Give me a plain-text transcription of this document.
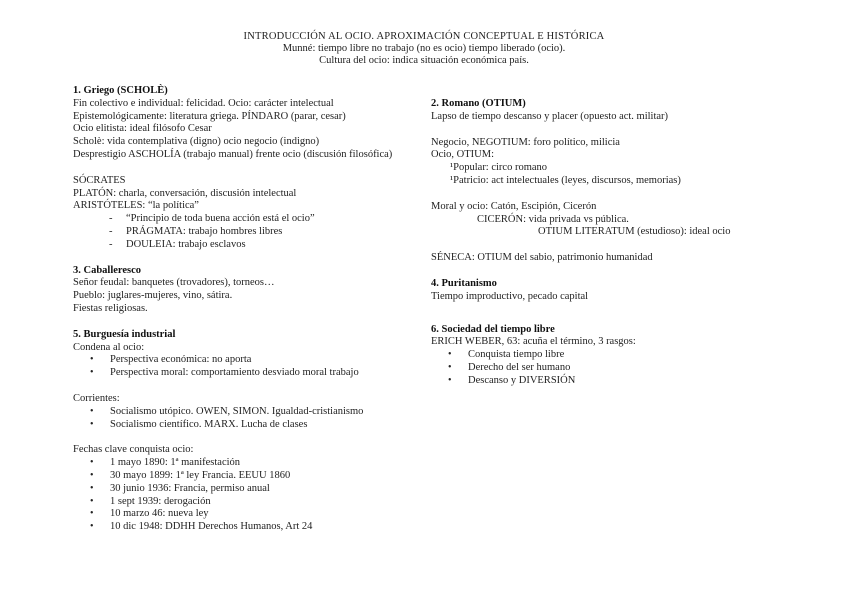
INTRODUCCIÓN AL OCIO. APROXIMACIÓN CONCEPTUAL E HISTÓRICA
Munné: tiempo libre no trabajo (no es ocio) tiempo liberado (ocio).
Cultura del ocio: indica situación económica país.
1. Griego (SCHOLÈ)
Fin colectivo e individual: felicidad. Ocio: carácter intelectual
Epistemológicamente: literatura griega. PÍNDARO (parar, cesar)
Ocio elitista: ideal filósofo Cesar
Scholè: vida contemplativa (digno) ocio negocio (indigno)
Desprestigio ASCHOLÍA (trabajo manual) frente ocio (discusión filosófica)
SÓCRATES
PLATÓN: charla, conversación, discusión intelectual
ARISTÓTELES: “la política”
- “Principio de toda buena acción está el ocio”
- PRÁGMATA: trabajo hombres libres
- DOULEIA: trabajo esclavos
3. Caballeresco
Señor feudal: banquetes (trovadores), torneos…
Pueblo: juglares-mujeres, vino, sátira.
Fiestas religiosas.
5. Burguesía industrial
Condena al ocio:
• Perspectiva económica: no aporta
• Perspectiva moral: comportamiento desviado moral trabajo
Corrientes:
• Socialismo utópico. OWEN, SIMON. Igualdad-cristianismo
• Socialismo científico. MARX. Lucha de clases
Fechas clave conquista ocio:
• 1 mayo 1890: 1ª manifestación
• 30 mayo 1899: 1ª ley Francia. EEUU 1860
• 30 junio 1936: Francia, permiso anual
• 1 sept 1939: derogación
• 10 marzo 46: nueva ley
• 10 dic 1948: DDHH Derechos Humanos, Art 24
2. Romano (OTIUM)
Lapso de tiempo descanso y placer (opuesto act. militar)
Negocio, NEGOTIUM: foro político, milicia
Ocio, OTIUM:
¹Popular: circo romano
¹Patricio: act intelectuales (leyes, discursos, memorias)
Moral y ocio: Catón, Escipión, Cicerón
CICERÓN: vida privada vs pública.
OTIUM LITERATUM (estudioso): ideal ocio
SÉNECA: OTIUM del sabio, patrimonio humanidad
4. Puritanismo
Tiempo improductivo, pecado capital
6. Sociedad del tiempo libre
ERICH WEBER, 63: acuña el término, 3 rasgos:
• Conquista tiempo libre
• Derecho del ser humano
• Descanso y DIVERSIÓN
